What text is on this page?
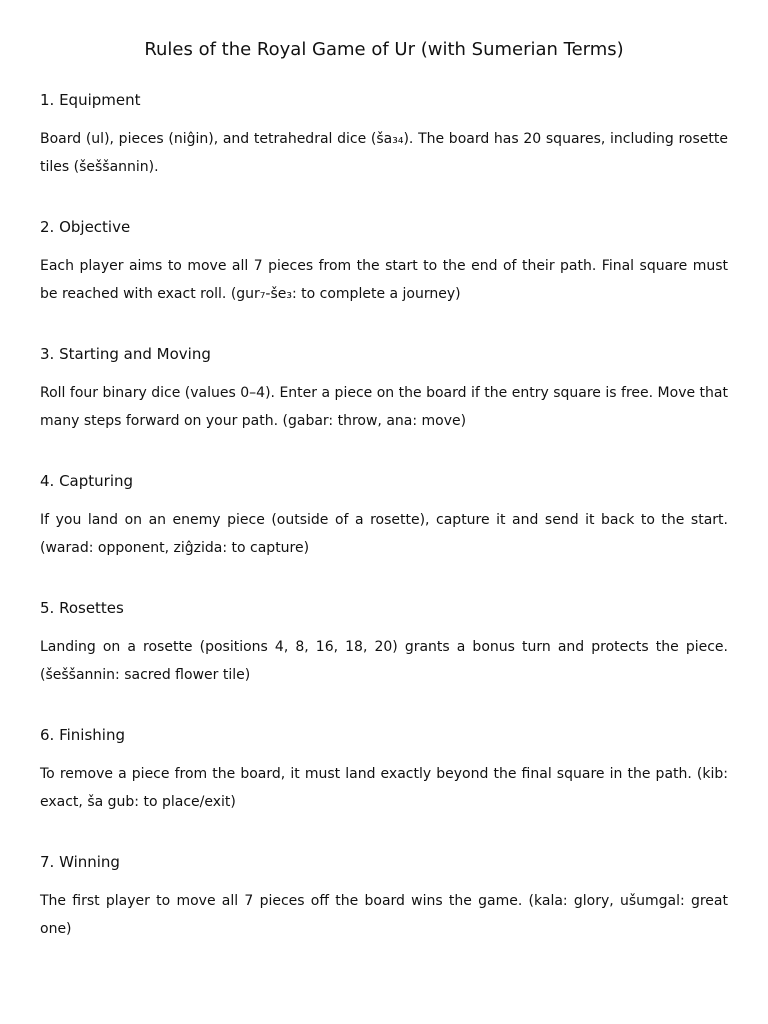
Rules of the Royal Game of Ur (with Sumerian Terms)
1. Equipment

Board (ul), pieces (niĝin), and tetrahedral dice (ša₃₄). The board has 20 squares, including rosette tiles (šeššannin).

2. Objective

Each player aims to move all 7 pieces from the start to the end of their path. Final square must be reached with exact roll. (gur₇-še₃: to complete a journey)

3. Starting and Moving

Roll four binary dice (values 0–4). Enter a piece on the board if the entry square is free. Move that many steps forward on your path. (gabar: throw, ana: move)

4. Capturing

If you land on an enemy piece (outside of a rosette), capture it and send it back to the start. (warad: opponent, ziĝzida: to capture)

5. Rosettes

Landing on a rosette (positions 4, 8, 16, 18, 20) grants a bonus turn and protects the piece. (šeššannin: sacred flower tile)

6. Finishing

To remove a piece from the board, it must land exactly beyond the final square in the path. (kib: exact, ša gub: to place/exit)

7. Winning

The first player to move all 7 pieces off the board wins the game. (kala: glory, ušumgal: great one)
